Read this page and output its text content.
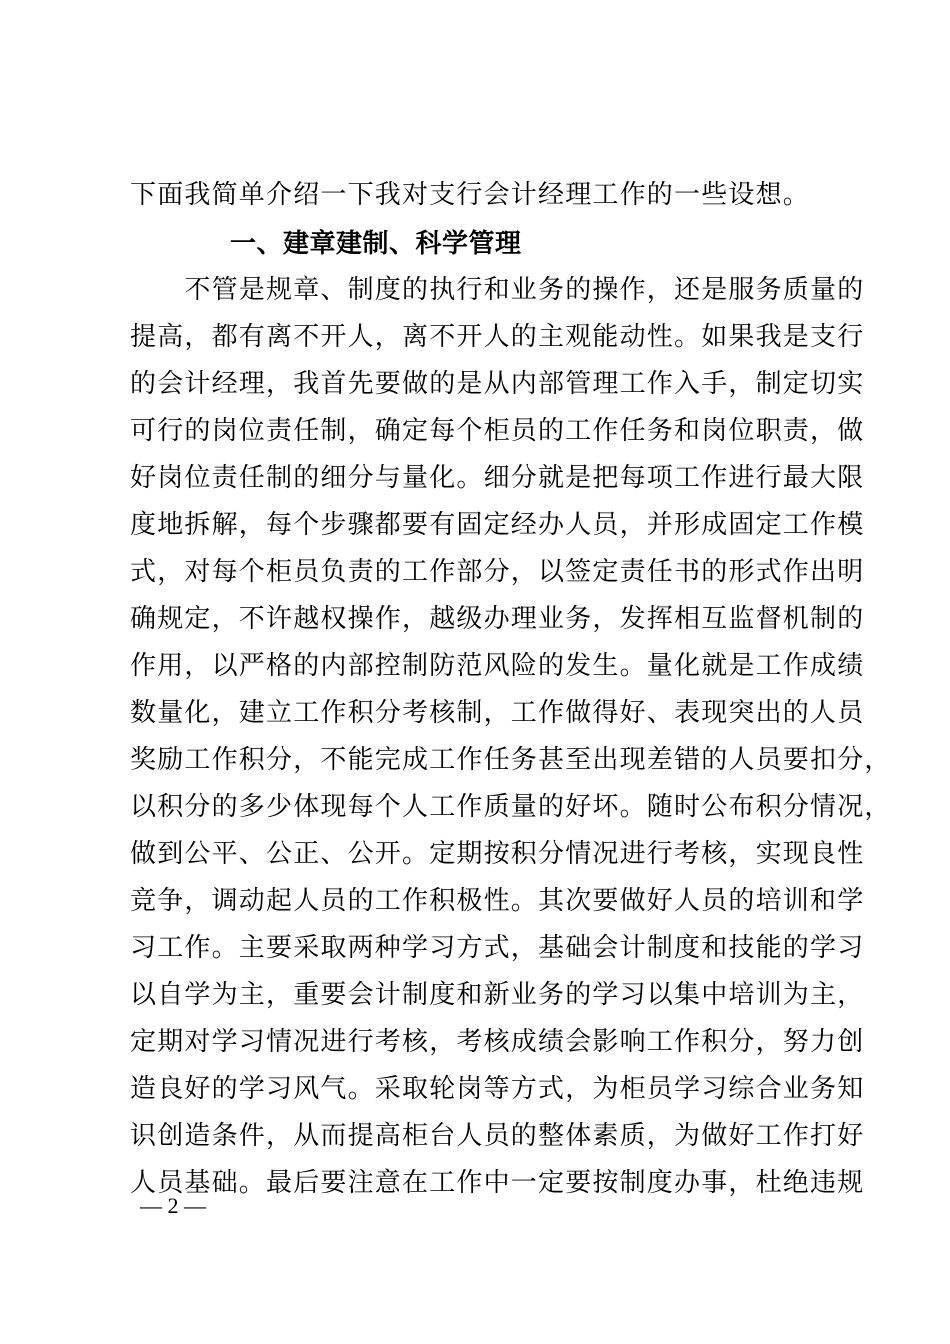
下面我简单介绍一下我对支行会计经理工作的一些设想。
一、建章建制、科学管理
　　不管是规章、制度的执行和业务的操作，还是服务质量的
提高，都有离不开人，离不开人的主观能动性。如果我是支行
的会计经理，我首先要做的是从内部管理工作入手，制定切实
可行的岗位责任制，确定每个柜员的工作任务和岗位职责，做
好岗位责任制的细分与量化。细分就是把每项工作进行最大限
度地拆解，每个步骤都要有固定经办人员，并形成固定工作模
式，对每个柜员负责的工作部分，以签定责任书的形式作出明
确规定，不许越权操作，越级办理业务，发挥相互监督机制的
作用，以严格的内部控制防范风险的发生。量化就是工作成绩
数量化，建立工作积分考核制，工作做得好、表现突出的人员
奖励工作积分，不能完成工作任务甚至出现差错的人员要扣分，
以积分的多少体现每个人工作质量的好坏。随时公布积分情况，
做到公平、公正、公开。定期按积分情况进行考核，实现良性
竞争，调动起人员的工作积极性。其次要做好人员的培训和学
习工作。主要采取两种学习方式，基础会计制度和技能的学习
以自学为主，重要会计制度和新业务的学习以集中培训为主，
定期对学习情况进行考核，考核成绩会影响工作积分，努力创
造良好的学习风气。采取轮岗等方式，为柜员学习综合业务知
识创造条件，从而提高柜台人员的整体素质，为做好工作打好
人员基础。最后要注意在工作中一定要按制度办事，杜绝违规
— 2 —
